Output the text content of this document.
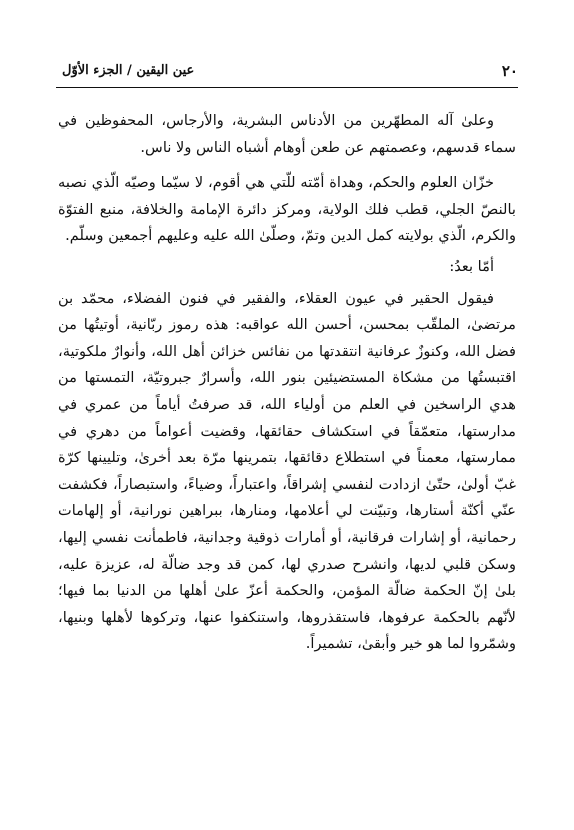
٢٠
عين اليقين / الجزء الأوّل

وعلىٰ آله المطهّرين من الأدناس البشرية، والأرجاس، المحفوظين في سماء قدسهم، وعصمتهم عن طعن أوهام أشباه الناس ولا ناس.

خزّان العلوم والحكم، وهداة أمّته للّتي هي أقوم، لا سيّما وصيّه الّذي نصبه بالنصّ الجلي، قطب فلك الولاية، ومركز دائرة الإمامة والخلافة، منبع الفتوّة والكرم، الّذي بولايته كمل الدين وتمّ، وصلّىٰ الله عليه وعليهم أجمعين وسلّم.

أمّا بعدُ:

فيقول الحقير في عيون العقلاء، والفقير في فنون الفضلاء، محمّد بن مرتضىٰ، الملقّب بمحسن، أحسن الله عواقبه: هذه رموز ربّانية، أوتيتُها من فضل الله، وكنوزٌ عرفانية انتقدتها من نفائس خزائن أهل الله، وأنوارٌ ملكوتية، اقتبستُها من مشكاة المستضيئين بنور الله، وأسرارٌ جبروتيّة، التمستها من هدي الراسخين في العلم من أولياء الله، قد صرفتُ أياماً من عمري في مدارستها، متعمّقاً في استكشاف حقائقها، وقضيت أعواماً من دهري في ممارستها، معمناً في استطلاع دقائقها، بتمرينها مرّة بعد أخرىٰ، وتليينها كرّة غبّ أولىٰ، حتّىٰ ازدادت لنفسي إشراقاً، واعتباراً، وضياءً، واستبصاراً، فكشفت عنّي أكنّة أستارها، وتبيّنت لي أعلامها، ومنارها، ببراهين نورانية، أو إلهامات رحمانية، أو إشارات فرقانية، أو أمارات ذوقية وجدانية، فاطمأنت نفسي إليها، وسكن قلبي لديها، وانشرح صدري لها، كمن قد وجد ضالّة له، عزيزة عليه، بلىٰ إنّ الحكمة ضالّة المؤمن، والحكمة أعزّ علىٰ أهلها من الدنيا بما فيها؛ لأنّهم بالحكمة عرفوها، فاستقذروها، واستنكفوا عنها، وتركوها لأهلها وبنيها، وشمّروا لما هو خير وأبقىٰ، تشميراً.
